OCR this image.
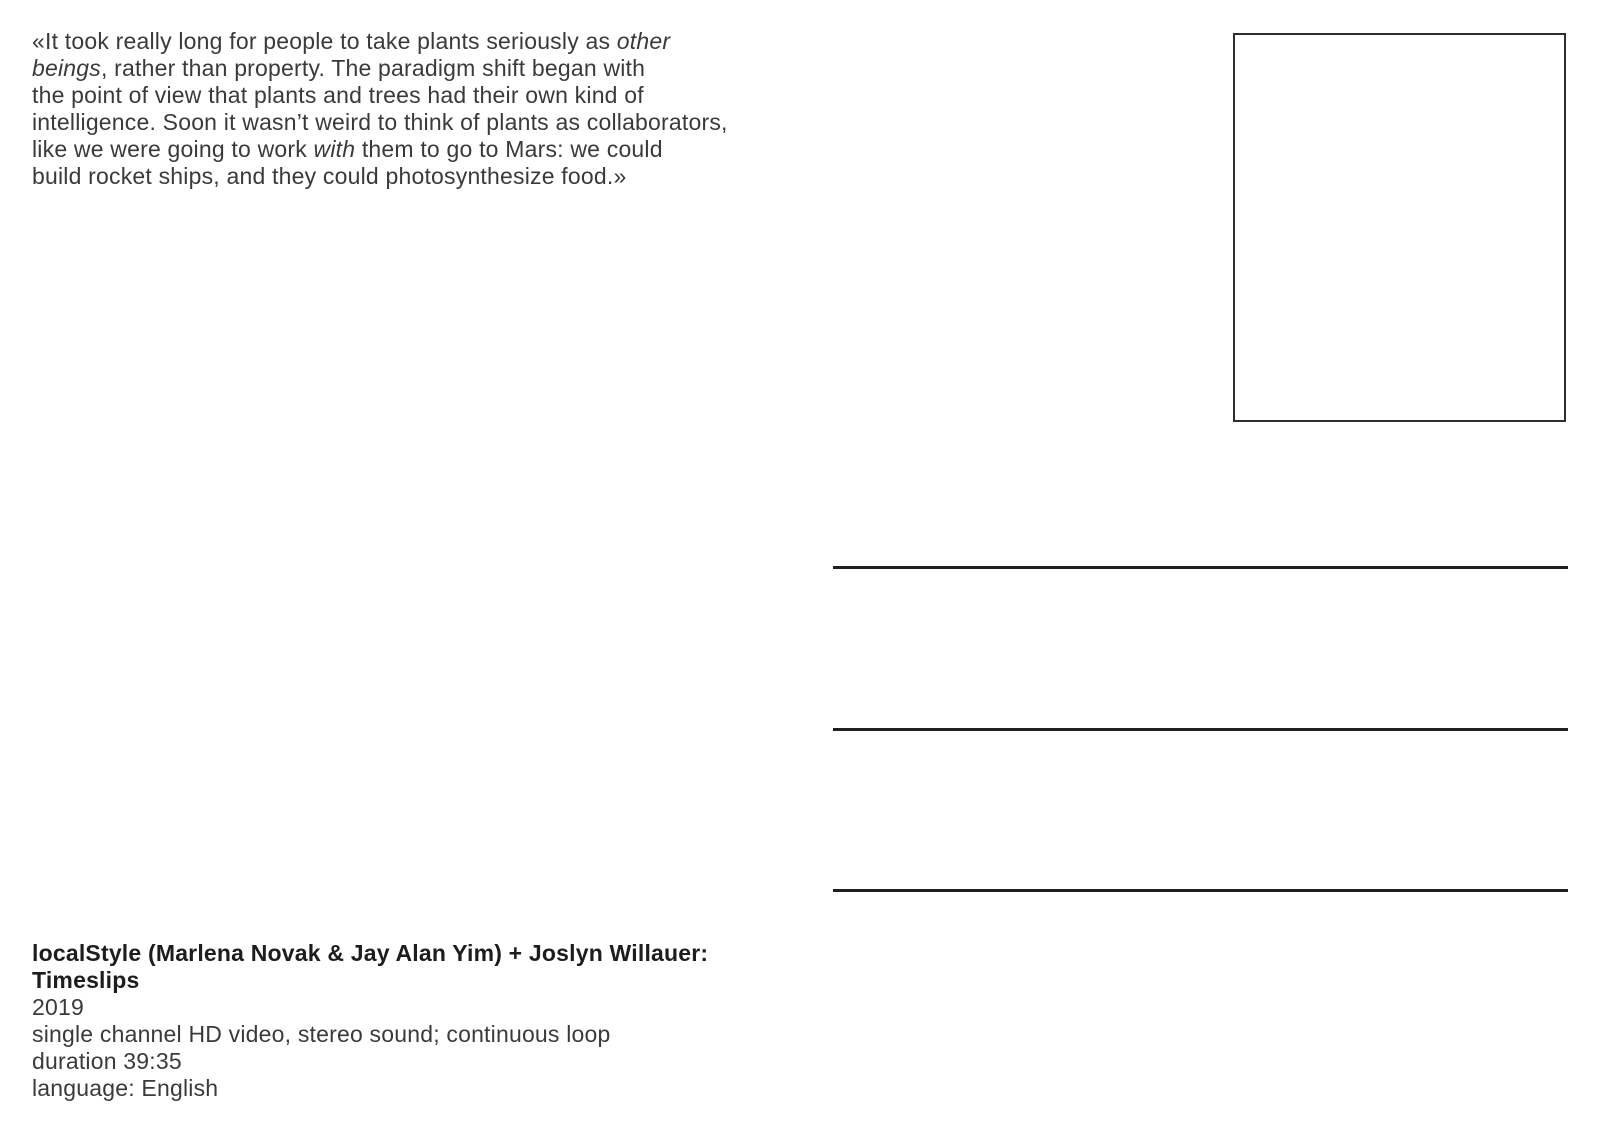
«It took really long for people to take plants seriously as other
beings, rather than property. The paradigm shift began with
the point of view that plants and trees had their own kind of
intelligence. Soon it wasn’t weird to think of plants as collaborators,
like we were going to work with them to go to Mars: we could
build rocket ships, and they could photosynthesize food.»
localStyle (Marlena Novak & Jay Alan Yim) + Joslyn Willauer:
Timeslips
2019
single channel HD video, stereo sound; continuous loop
duration 39:35
language: English
